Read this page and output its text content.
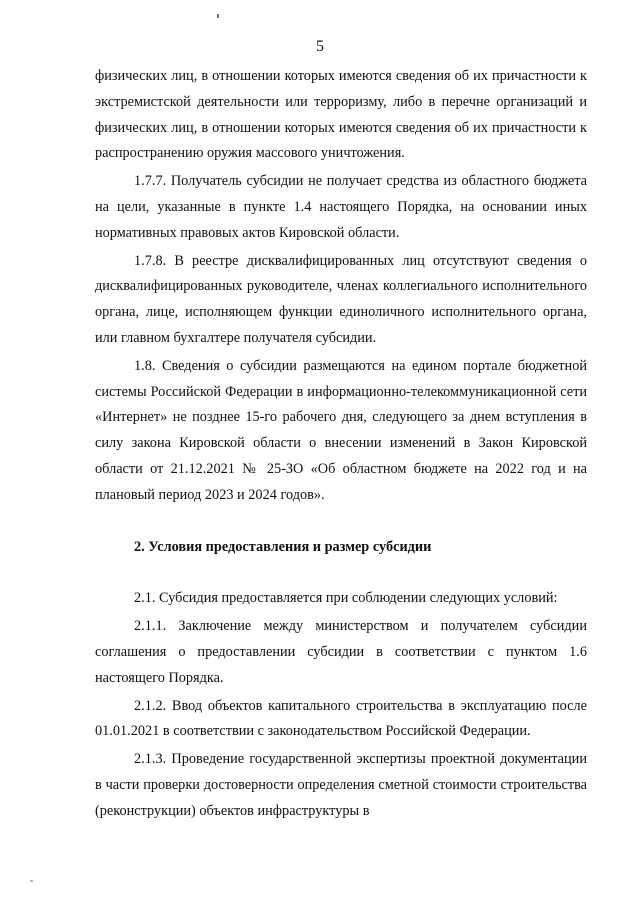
5

физических лиц, в отношении которых имеются сведения об их причастности к экстремистской деятельности или терроризму, либо в перечне организаций и физических лиц, в отношении которых имеются сведения об их причастности к распространению оружия массового уничтожения.

1.7.7. Получатель субсидии не получает средства из областного бюджета на цели, указанные в пункте 1.4 настоящего Порядка, на основании иных нормативных правовых актов Кировской области.

1.7.8. В реестре дисквалифицированных лиц отсутствуют сведения о дисквалифицированных руководителе, членах коллегиального исполнительного органа, лице, исполняющем функции единоличного исполнительного органа, или главном бухгалтере получателя субсидии.

1.8. Сведения о субсидии размещаются на едином портале бюджетной системы Российской Федерации в информационно-телекоммуникационной сети «Интернет» не позднее 15-го рабочего дня, следующего за днем вступления в силу закона Кировской области о внесении изменений в Закон Кировской области от 21.12.2021 № 25-ЗО «Об областном бюджете на 2022 год и на плановый период 2023 и 2024 годов».

2. Условия предоставления и размер субсидии

2.1. Субсидия предоставляется при соблюдении следующих условий:

2.1.1. Заключение между министерством и получателем субсидии соглашения о предоставлении субсидии в соответствии с пунктом 1.6 настоящего Порядка.

2.1.2. Ввод объектов капитального строительства в эксплуатацию после 01.01.2021 в соответствии с законодательством Российской Федерации.

2.1.3. Проведение государственной экспертизы проектной документации в части проверки достоверности определения сметной стоимости строительства (реконструкции) объектов инфраструктуры в
